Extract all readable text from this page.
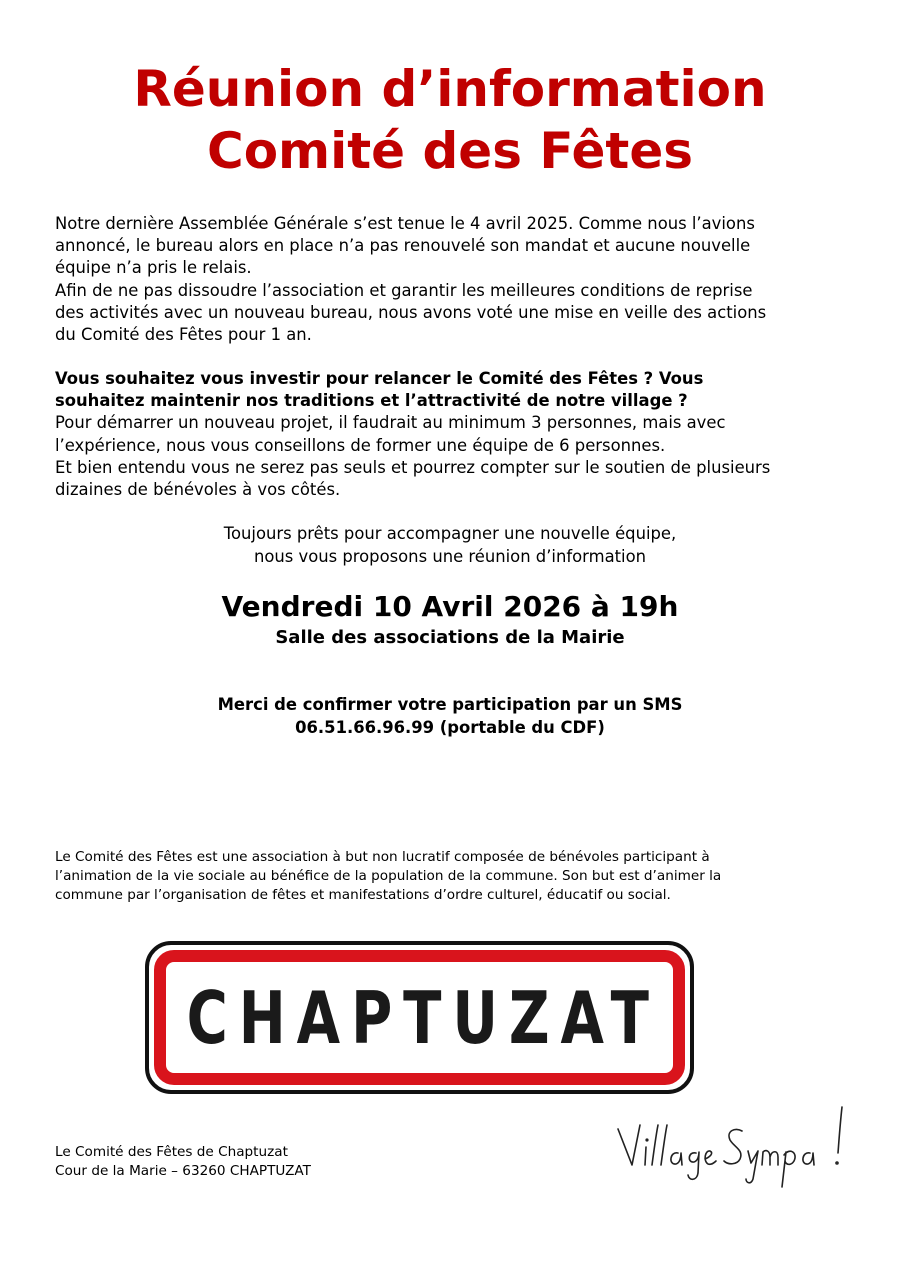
Réunion d’information
Comité des Fêtes

Notre dernière Assemblée Générale s’est tenue le 4 avril 2025. Comme nous l’avions
annoncé, le bureau alors en place n’a pas renouvelé son mandat et aucune nouvelle
équipe n’a pris le relais.
Afin de ne pas dissoudre l’association et garantir les meilleures conditions de reprise
des activités avec un nouveau bureau, nous avons voté une mise en veille des actions
du Comité des Fêtes pour 1 an.

Vous souhaitez vous investir pour relancer le Comité des Fêtes ? Vous
souhaitez maintenir nos traditions et l’attractivité de notre village ?
Pour démarrer un nouveau projet, il faudrait au minimum 3 personnes, mais avec
l’expérience, nous vous conseillons de former une équipe de 6 personnes.
Et bien entendu vous ne serez pas seuls et pourrez compter sur le soutien de plusieurs
dizaines de bénévoles à vos côtés.

Toujours prêts pour accompagner une nouvelle équipe,
nous vous proposons une réunion d’information

Vendredi 10 Avril 2026 à 19h

Salle des associations de la Mairie

Merci de confirmer votre participation par un SMS
06.51.66.96.99 (portable du CDF)

Le Comité des Fêtes est une association à but non lucratif composée de bénévoles participant à
l’animation de la vie sociale au bénéfice de la population de la commune. Son but est d’animer la
commune par l’organisation de fêtes et manifestations d’ordre culturel, éducatif ou social.

CHAPTUZAT
Village Sympa !

Le Comité des Fêtes de Chaptuzat
Cour de la Marie – 63260 CHAPTUZAT
